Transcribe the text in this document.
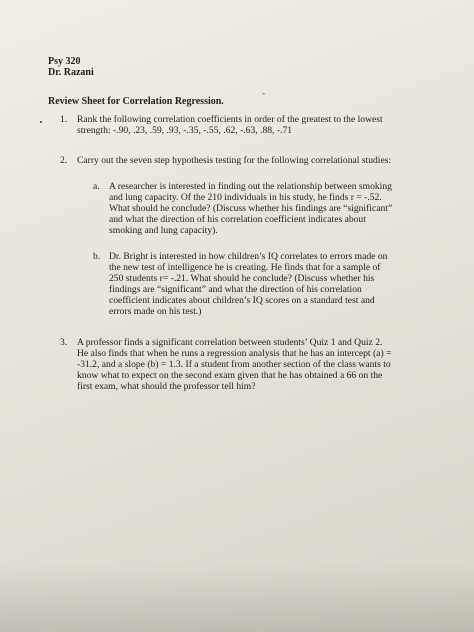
Psy 320
Dr. Razani
Review Sheet for Correlation Regression.
-
1. Rank the following correlation coefficients in order of the greatest to the lowest
strength: -.90, .23, .59, .93, -.35, -.55, .62, -.63, .88, -.71
2. Carry out the seven step hypothesis testing for the following correlational studies:
a. A researcher is interested in finding out the relationship between smoking
and lung capacity. Of the 210 individuals in his study, he finds r = -.52.
What should he conclude? (Discuss whether his findings are “significant”
and what the direction of his correlation coefficient indicates about
smoking and lung capacity).
b. Dr. Bright is interested in how children’s IQ correlates to errors made on
the new test of intelligence he is creating. He finds that for a sample of
250 students r= -.21. What should he conclude? (Discuss whether his
findings are “significant” and what the direction of his correlation
coefficient indicates about children’s IQ scores on a standard test and
errors made on his test.)
3. A professor finds a significant correlation between students’ Quiz 1 and Quiz 2.
He also finds that when he runs a regression analysis that he has an intercept (a) =
-31.2, and a slope (b) = 1.3. If a student from another section of the class wants to
know what to expect on the second exam given that he has obtained a 66 on the
first exam, what should the professor tell him?
